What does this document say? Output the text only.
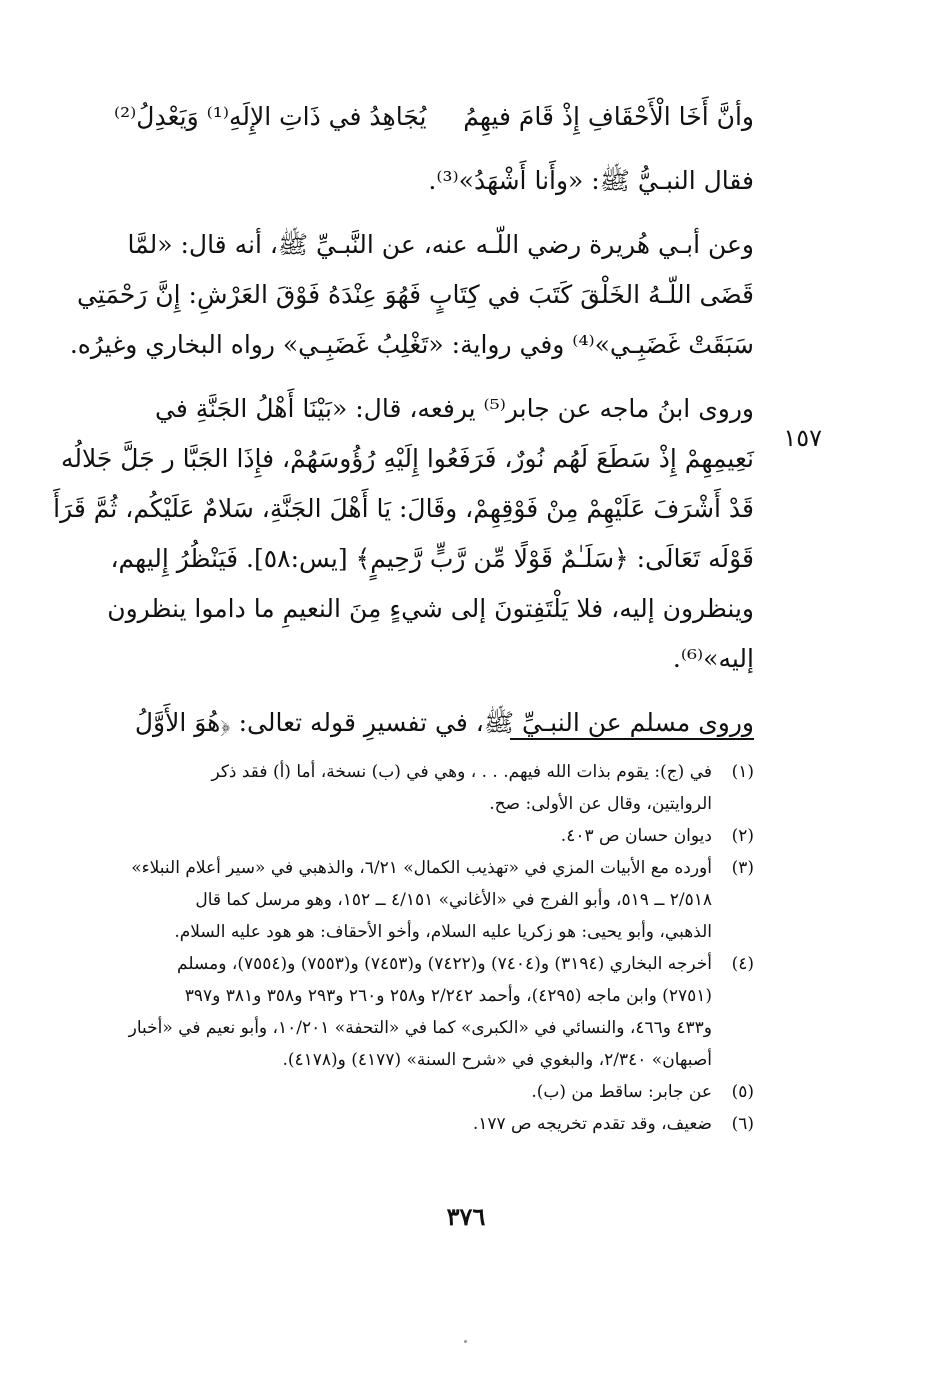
وأنَّ أَخَا الْأَحْقَافِ إِذْ قَامَ فيهِمُ
يُجَاهِدُ في ذَاتِ الإِلَهِ⁽¹⁾ وَيَعْدِلُ⁽²⁾
فقال النبـيُّ ﷺ: «وأَنا أَشْهَدُ»⁽³⁾.
وعن أبـي هُريرة رضي اللّـه عنه، عن النَّبـيِّ ﷺ، أنه قال: «لمَّا
قَضَى اللّـهُ الخَلْقَ كَتَبَ في كِتَابٍ فَهُوَ عِنْدَهُ فَوْقَ العَرْشِ: إِنَّ رَحْمَتِي
سَبَقَتْ غَضَبِـي»⁽⁴⁾ وفي رواية: «تَغْلِبُ غَضَبِـي» رواه البخاري وغيرُه.
وروى ابنُ ماجه عن جابر⁽⁵⁾ يرفعه، قال: «بَيْنَا أَهْلُ الجَنَّةِ في
نَعِيمِهِمْ إِذْ سَطَعَ لَهُم نُورٌ، فَرَفَعُوا إِلَيْهِ رُؤُوسَهُمْ، فإِذَا الجَبَّا ر جَلَّ جَلالُه
قَدْ أَشْرَفَ عَلَيْهِمْ مِنْ فَوْقِهِمْ، وقَالَ: يَا أَهْلَ الجَنَّةِ، سَلامٌ عَلَيْكُم، ثُمَّ قَرَأَ
قَوْلَه تَعَالَى: ﴿سَلَـٰمٌ قَوْلًا مِّن رَّبٍّ رَّحِيمٍ﴾ [يس:٥٨]. فَيَنْظُرُ إِليهم،
وينظرون إليه، فلا يَلْتَفِتونَ إلى شيءٍ مِنَ النعيمِ ما داموا ينظرون
إليه»⁽⁶⁾.
وروى مسلم عن النبـيِّ ﷺ، في تفسيرِ قوله تعالى: ﴿هُوَ الأَوَّلُ
١٥٧
(١)
في (ج): يقوم بذات الله فيهم. . . ، وهي في (ب) نسخة، أما (أ) فقد ذكر
الروايتين، وقال عن الأولى: صح.
(٢)
ديوان حسان ص ٤٠٣.
(٣)
أورده مع الأبيات المزي في «تهذيب الكمال» ٦/٢١، والذهبي في «سير أعلام النبلاء»
٢/٥١٨ ــ ٥١٩، وأبو الفرج في «الأغاني» ٤/١٥١ ــ ١٥٢، وهو مرسل كما قال
الذهبي، وأبو يحيى: هو زكريا عليه السلام، وأخو الأحقاف: هو هود عليه السلام.
(٤)
أخرجه البخاري (٣١٩٤) و(٧٤٠٤) و(٧٤٢٢) و(٧٤٥٣) و(٧٥٥٣) و(٧٥٥٤)، ومسلم
(٢٧٥١) وابن ماجه (٤٢٩٥)، وأحمد ٢/٢٤٢ و٢٥٨ و٢٦٠ و٢٩٣ و٣٥٨ و٣٨١ و٣٩٧
و٤٣٣ و٤٦٦، والنسائي في «الكبرى» كما في «التحفة» ١٠/٢٠١، وأبو نعيم في «أخبار
أصبهان» ٢/٣٤٠، والبغوي في «شرح السنة» (٤١٧٧) و(٤١٧٨).
(٥)
عن جابر: ساقط من (ب).
(٦)
ضعيف، وقد تقدم تخريجه ص ١٧٧.
٣٧٦
